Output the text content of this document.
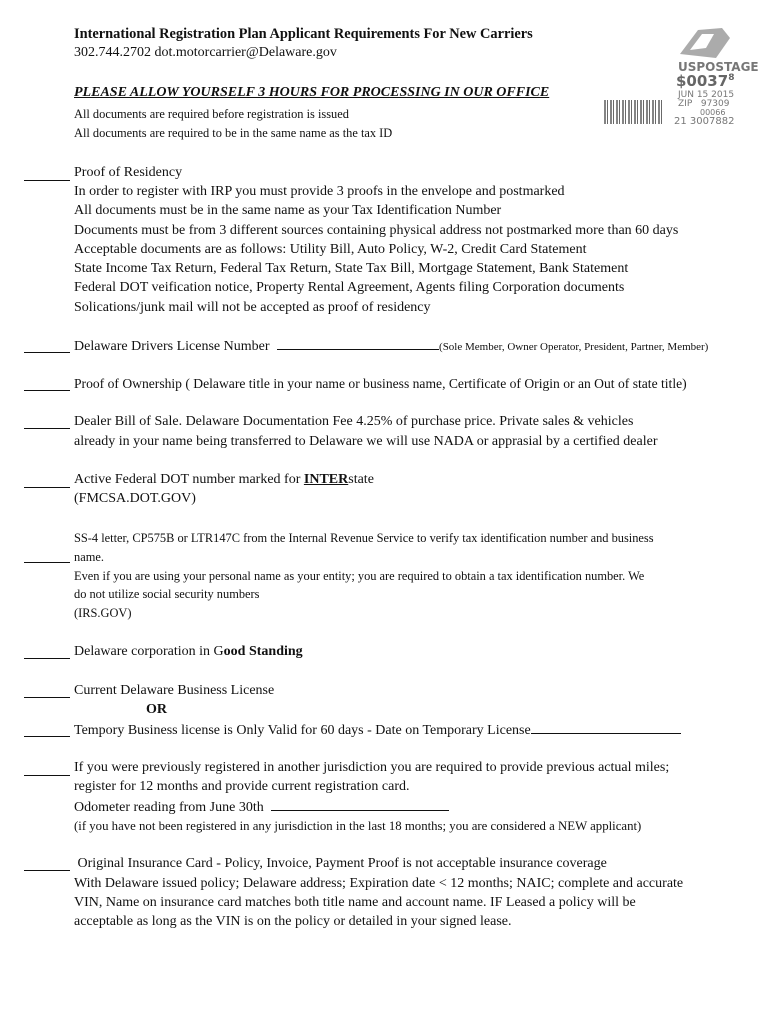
International Registration Plan Applicant Requirements For New Carriers
302.744.2702 dot.motorcarrier@Delaware.gov
PLEASE ALLOW YOURSELF 3 HOURS FOR PROCESSING IN OUR OFFICE
All documents are required before registration is issued
All documents are required to be in the same name as the tax ID
USPOSTAGE
$0037$^8$
JUN 15 2015
ZIP 97309
00066
21 3007882
Proof of Residency
In order to register with IRP you must provide 3 proofs in the envelope and postmarked
All documents must be in the same name as your Tax Identification Number
Documents must be from 3 different sources containing physical address not postmarked more than 60 days
Acceptable documents are as follows: Utility Bill, Auto Policy, W-2, Credit Card Statement
State Income Tax Return, Federal Tax Return, State Tax Bill, Mortgage Statement, Bank Statement
Federal DOT veification notice, Property Rental Agreement, Agents filing Corporation documents
Solications/junk mail will not be accepted as proof of residency
Delaware Drivers License Number	(Sole Member, Owner Operator, President, Partner, Member)
Proof of Ownership ( Delaware title in your name or business name, Certificate of Origin or an Out of state title)
Dealer Bill of Sale. Delaware Documentation Fee 4.25% of purchase price. Private sales & vehicles
already in your name being transferred to Delaware we will use NADA or apprasial by a certified dealer
Active Federal DOT number marked for INTERstate
(FMCSA.DOT.GOV)
SS-4 letter, CP575B or LTR147C from the Internal Revenue Service to verify tax identification number and business
name.
Even if you are using your personal name as your entity; you are required to obtain a tax identification number. We
do not utilize social security numbers
(IRS.GOV)
Delaware corporation in Good Standing
Current Delaware Business License
OR
Tempory Business license is Only Valid for 60 days - Date on Temporary License
If you were previously registered in another jurisdiction you are required to provide previous actual miles;
register for 12 months and provide current registration card.
Odometer reading from June 30th
(if you have not been registered in any jurisdiction in the last 18 months; you are considered a NEW applicant)
Original Insurance Card - Policy, Invoice, Payment Proof is not acceptable insurance coverage
With Delaware issued policy; Delaware address; Expiration date < 12 months; NAIC; complete and accurate
VIN, Name on insurance card matches both title name and account name. IF Leased a policy will be
acceptable as long as the VIN is on the policy or detailed in your signed lease.
